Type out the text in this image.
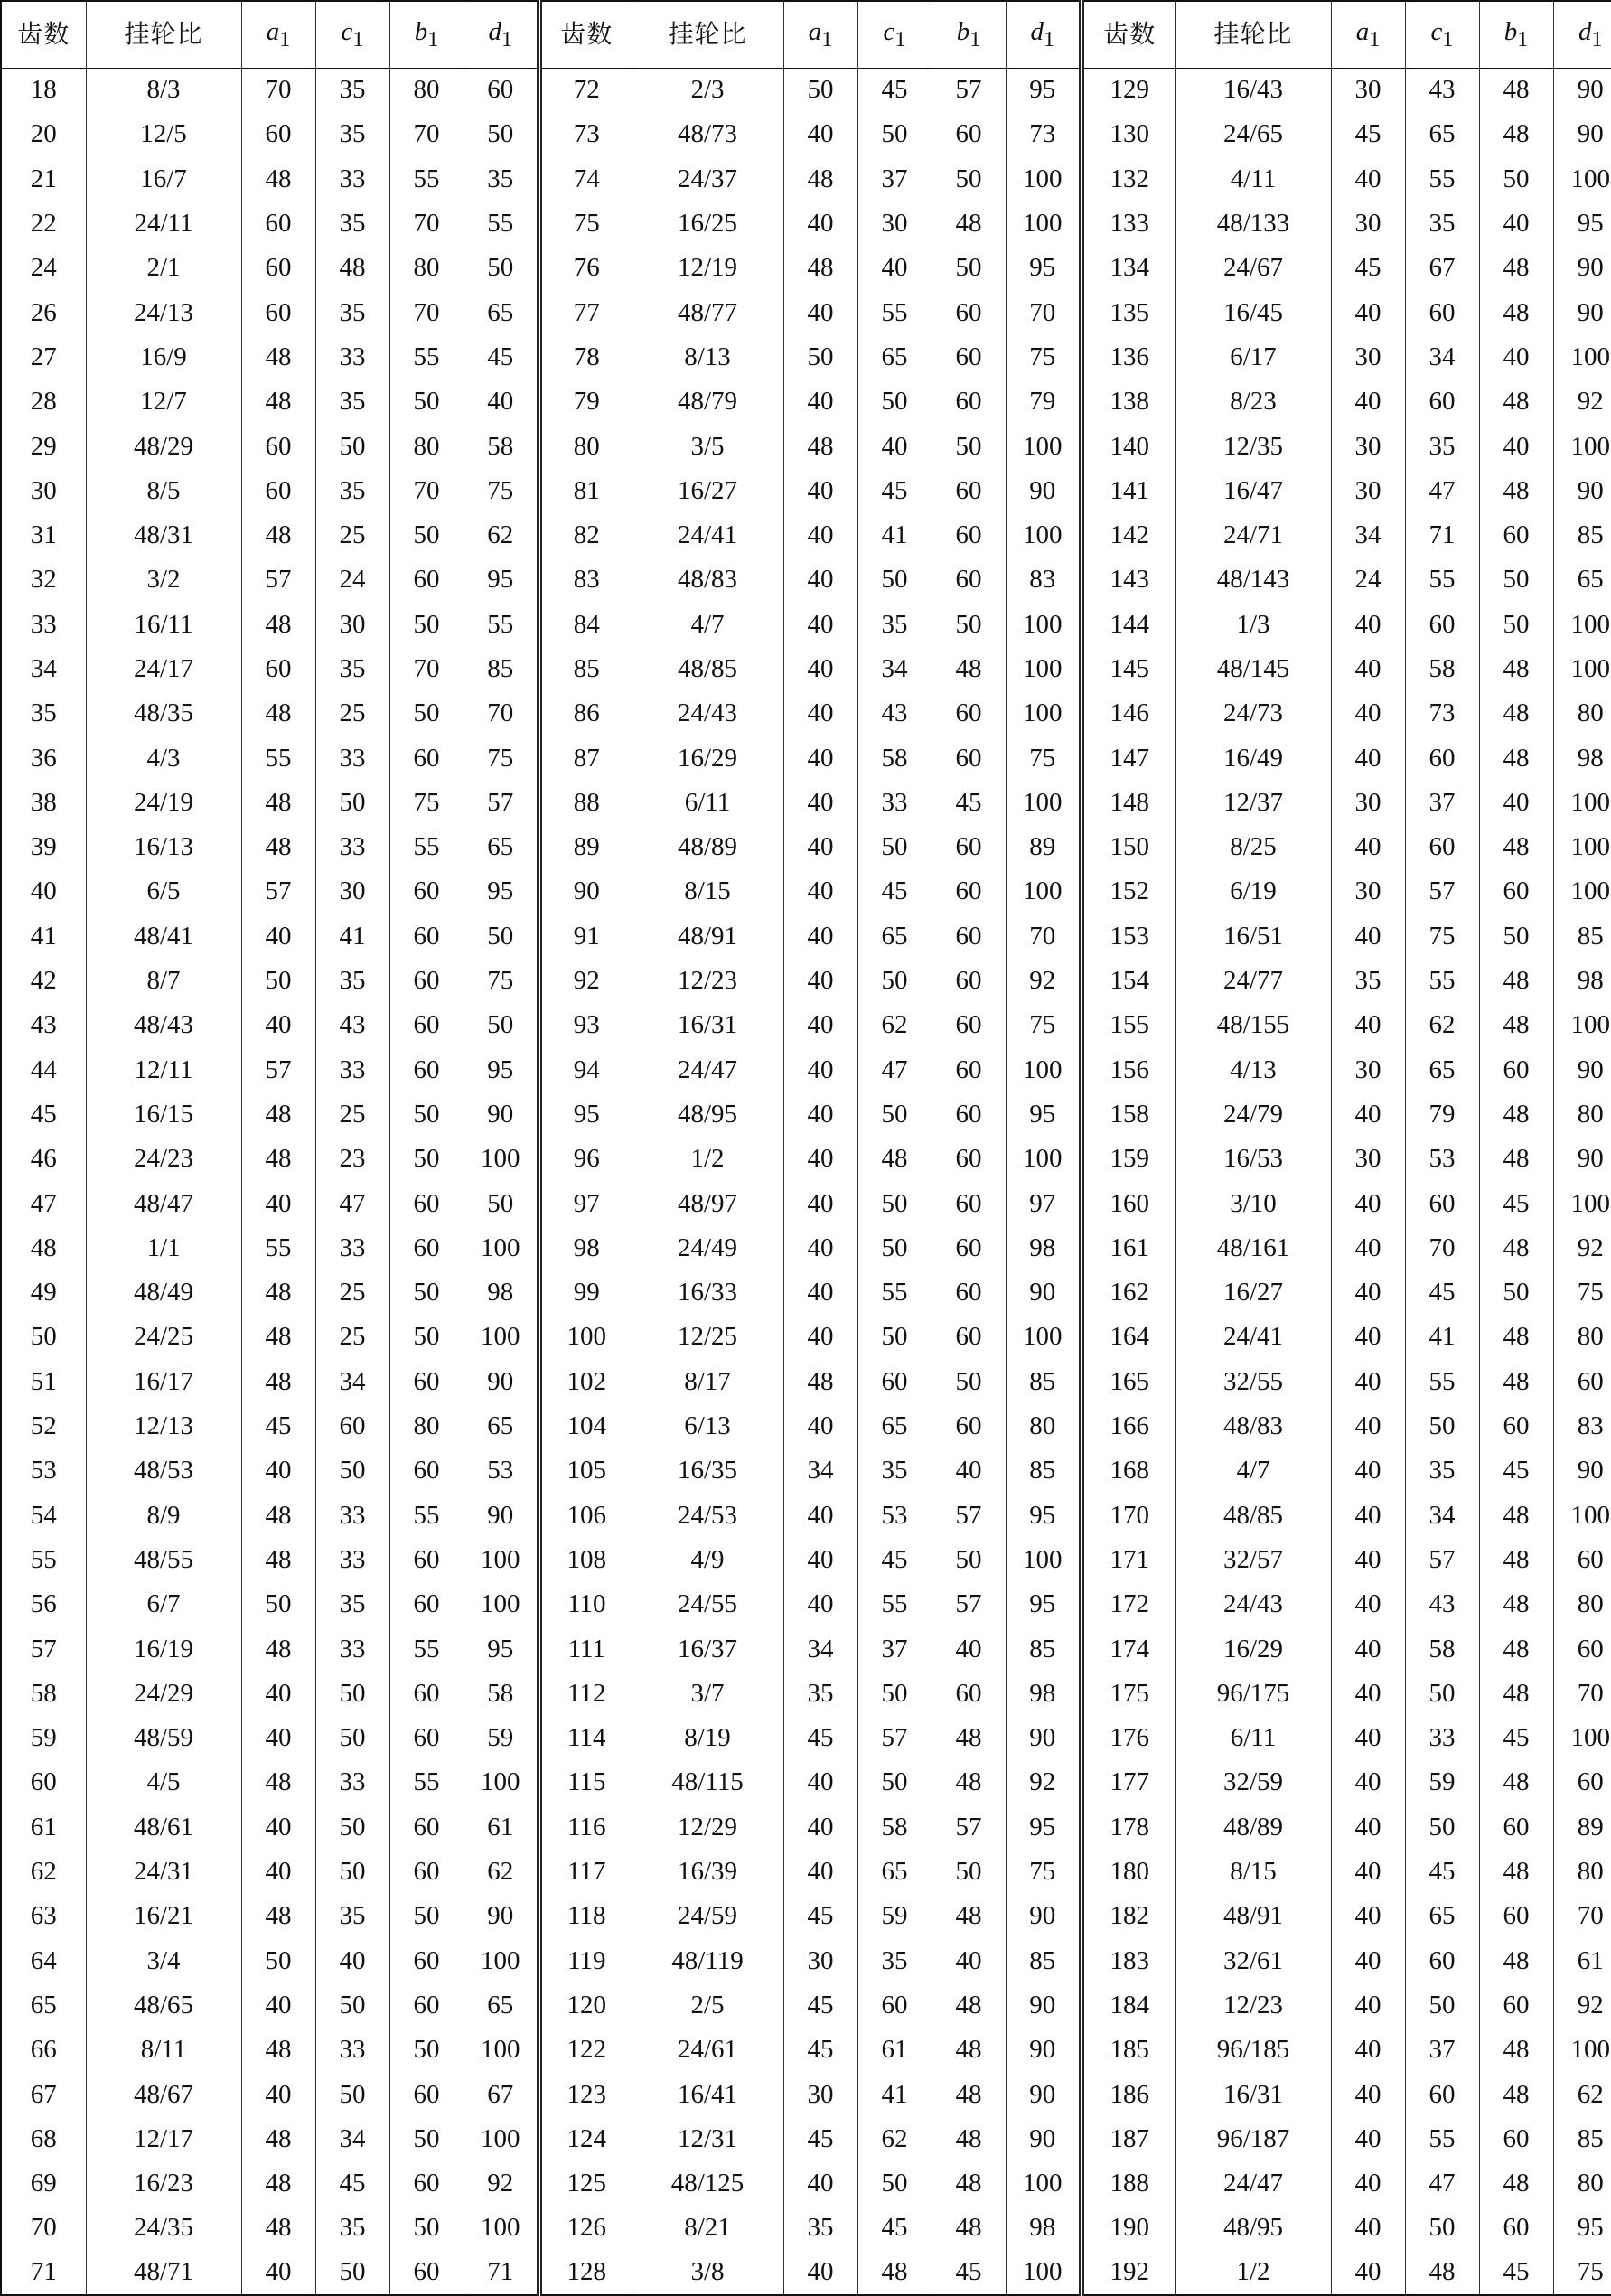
齿数	挂轮比	$a_1$	$c_1$	$b_1$	$d_1$	齿数	挂轮比	$a_1$	$c_1$	$b_1$	$d_1$	齿数	挂轮比	$a_1$	$c_1$	$b_1$	$d_1$
18	8/3	70	35	80	60	72	2/3	50	45	57	95	129	16/43	30	43	48	90
20	12/5	60	35	70	50	73	48/73	40	50	60	73	130	24/65	45	65	48	90
21	16/7	48	33	55	35	74	24/37	48	37	50	100	132	4/11	40	55	50	100
22	24/11	60	35	70	55	75	16/25	40	30	48	100	133	48/133	30	35	40	95
24	2/1	60	48	80	50	76	12/19	48	40	50	95	134	24/67	45	67	48	90
26	24/13	60	35	70	65	77	48/77	40	55	60	70	135	16/45	40	60	48	90
27	16/9	48	33	55	45	78	8/13	50	65	60	75	136	6/17	30	34	40	100
28	12/7	48	35	50	40	79	48/79	40	50	60	79	138	8/23	40	60	48	92
29	48/29	60	50	80	58	80	3/5	48	40	50	100	140	12/35	30	35	40	100
30	8/5	60	35	70	75	81	16/27	40	45	60	90	141	16/47	30	47	48	90
31	48/31	48	25	50	62	82	24/41	40	41	60	100	142	24/71	34	71	60	85
32	3/2	57	24	60	95	83	48/83	40	50	60	83	143	48/143	24	55	50	65
33	16/11	48	30	50	55	84	4/7	40	35	50	100	144	1/3	40	60	50	100
34	24/17	60	35	70	85	85	48/85	40	34	48	100	145	48/145	40	58	48	100
35	48/35	48	25	50	70	86	24/43	40	43	60	100	146	24/73	40	73	48	80
36	4/3	55	33	60	75	87	16/29	40	58	60	75	147	16/49	40	60	48	98
38	24/19	48	50	75	57	88	6/11	40	33	45	100	148	12/37	30	37	40	100
39	16/13	48	33	55	65	89	48/89	40	50	60	89	150	8/25	40	60	48	100
40	6/5	57	30	60	95	90	8/15	40	45	60	100	152	6/19	30	57	60	100
41	48/41	40	41	60	50	91	48/91	40	65	60	70	153	16/51	40	75	50	85
42	8/7	50	35	60	75	92	12/23	40	50	60	92	154	24/77	35	55	48	98
43	48/43	40	43	60	50	93	16/31	40	62	60	75	155	48/155	40	62	48	100
44	12/11	57	33	60	95	94	24/47	40	47	60	100	156	4/13	30	65	60	90
45	16/15	48	25	50	90	95	48/95	40	50	60	95	158	24/79	40	79	48	80
46	24/23	48	23	50	100	96	1/2	40	48	60	100	159	16/53	30	53	48	90
47	48/47	40	47	60	50	97	48/97	40	50	60	97	160	3/10	40	60	45	100
48	1/1	55	33	60	100	98	24/49	40	50	60	98	161	48/161	40	70	48	92
49	48/49	48	25	50	98	99	16/33	40	55	60	90	162	16/27	40	45	50	75
50	24/25	48	25	50	100	100	12/25	40	50	60	100	164	24/41	40	41	48	80
51	16/17	48	34	60	90	102	8/17	48	60	50	85	165	32/55	40	55	48	60
52	12/13	45	60	80	65	104	6/13	40	65	60	80	166	48/83	40	50	60	83
53	48/53	40	50	60	53	105	16/35	34	35	40	85	168	4/7	40	35	45	90
54	8/9	48	33	55	90	106	24/53	40	53	57	95	170	48/85	40	34	48	100
55	48/55	48	33	60	100	108	4/9	40	45	50	100	171	32/57	40	57	48	60
56	6/7	50	35	60	100	110	24/55	40	55	57	95	172	24/43	40	43	48	80
57	16/19	48	33	55	95	111	16/37	34	37	40	85	174	16/29	40	58	48	60
58	24/29	40	50	60	58	112	3/7	35	50	60	98	175	96/175	40	50	48	70
59	48/59	40	50	60	59	114	8/19	45	57	48	90	176	6/11	40	33	45	100
60	4/5	48	33	55	100	115	48/115	40	50	48	92	177	32/59	40	59	48	60
61	48/61	40	50	60	61	116	12/29	40	58	57	95	178	48/89	40	50	60	89
62	24/31	40	50	60	62	117	16/39	40	65	50	75	180	8/15	40	45	48	80
63	16/21	48	35	50	90	118	24/59	45	59	48	90	182	48/91	40	65	60	70
64	3/4	50	40	60	100	119	48/119	30	35	40	85	183	32/61	40	60	48	61
65	48/65	40	50	60	65	120	2/5	45	60	48	90	184	12/23	40	50	60	92
66	8/11	48	33	50	100	122	24/61	45	61	48	90	185	96/185	40	37	48	100
67	48/67	40	50	60	67	123	16/41	30	41	48	90	186	16/31	40	60	48	62
68	12/17	48	34	50	100	124	12/31	45	62	48	90	187	96/187	40	55	60	85
69	16/23	48	45	60	92	125	48/125	40	50	48	100	188	24/47	40	47	48	80
70	24/35	48	35	50	100	126	8/21	35	45	48	98	190	48/95	40	50	60	95
71	48/71	40	50	60	71	128	3/8	40	48	45	100	192	1/2	40	48	45	75
